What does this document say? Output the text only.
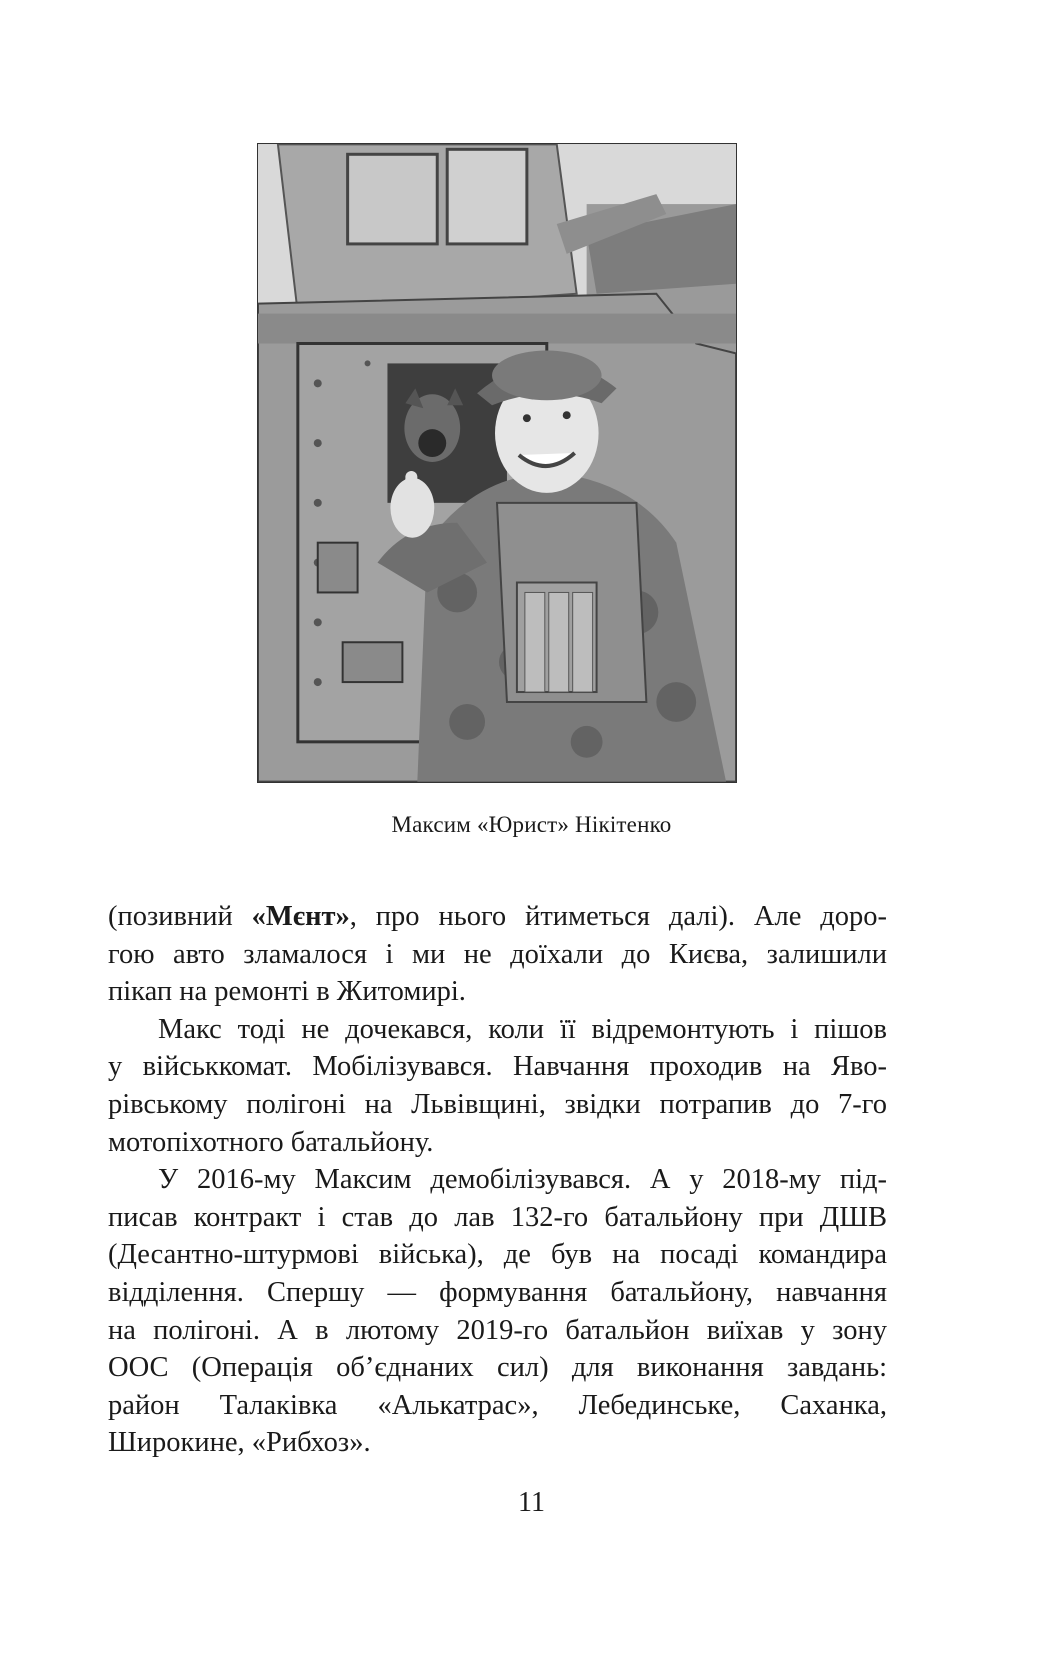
Максим «Юрист» Нікітенко
(позивний «Мєнт», про нього йтиметься далі). Але доро-
гою авто зламалося і ми не доїхали до Києва, залишили
пікап на ремонті в Житомирі.
Макс тоді не дочекався, коли її відремонтують і пішов
у військкомат. Мобілізувався. Навчання проходив на Яво-
рівському полігоні на Львівщині, звідки потрапив до 7-го
мотопіхотного батальйону.
У 2016-му Максим демобілізувався. А у 2018-му під-
писав контракт і став до лав 132-го батальйону при ДШВ
(Десантно-штурмові війська), де був на посаді командира
відділення. Спершу — формування батальйону, навчання
на полігоні. А в лютому 2019-го батальйон виїхав у зону
ООС (Операція об’єднаних сил) для виконання завдань:
район Талаківка «Алькатрас», Лебединське, Саханка,
Широкине, «Рибхоз».
11
